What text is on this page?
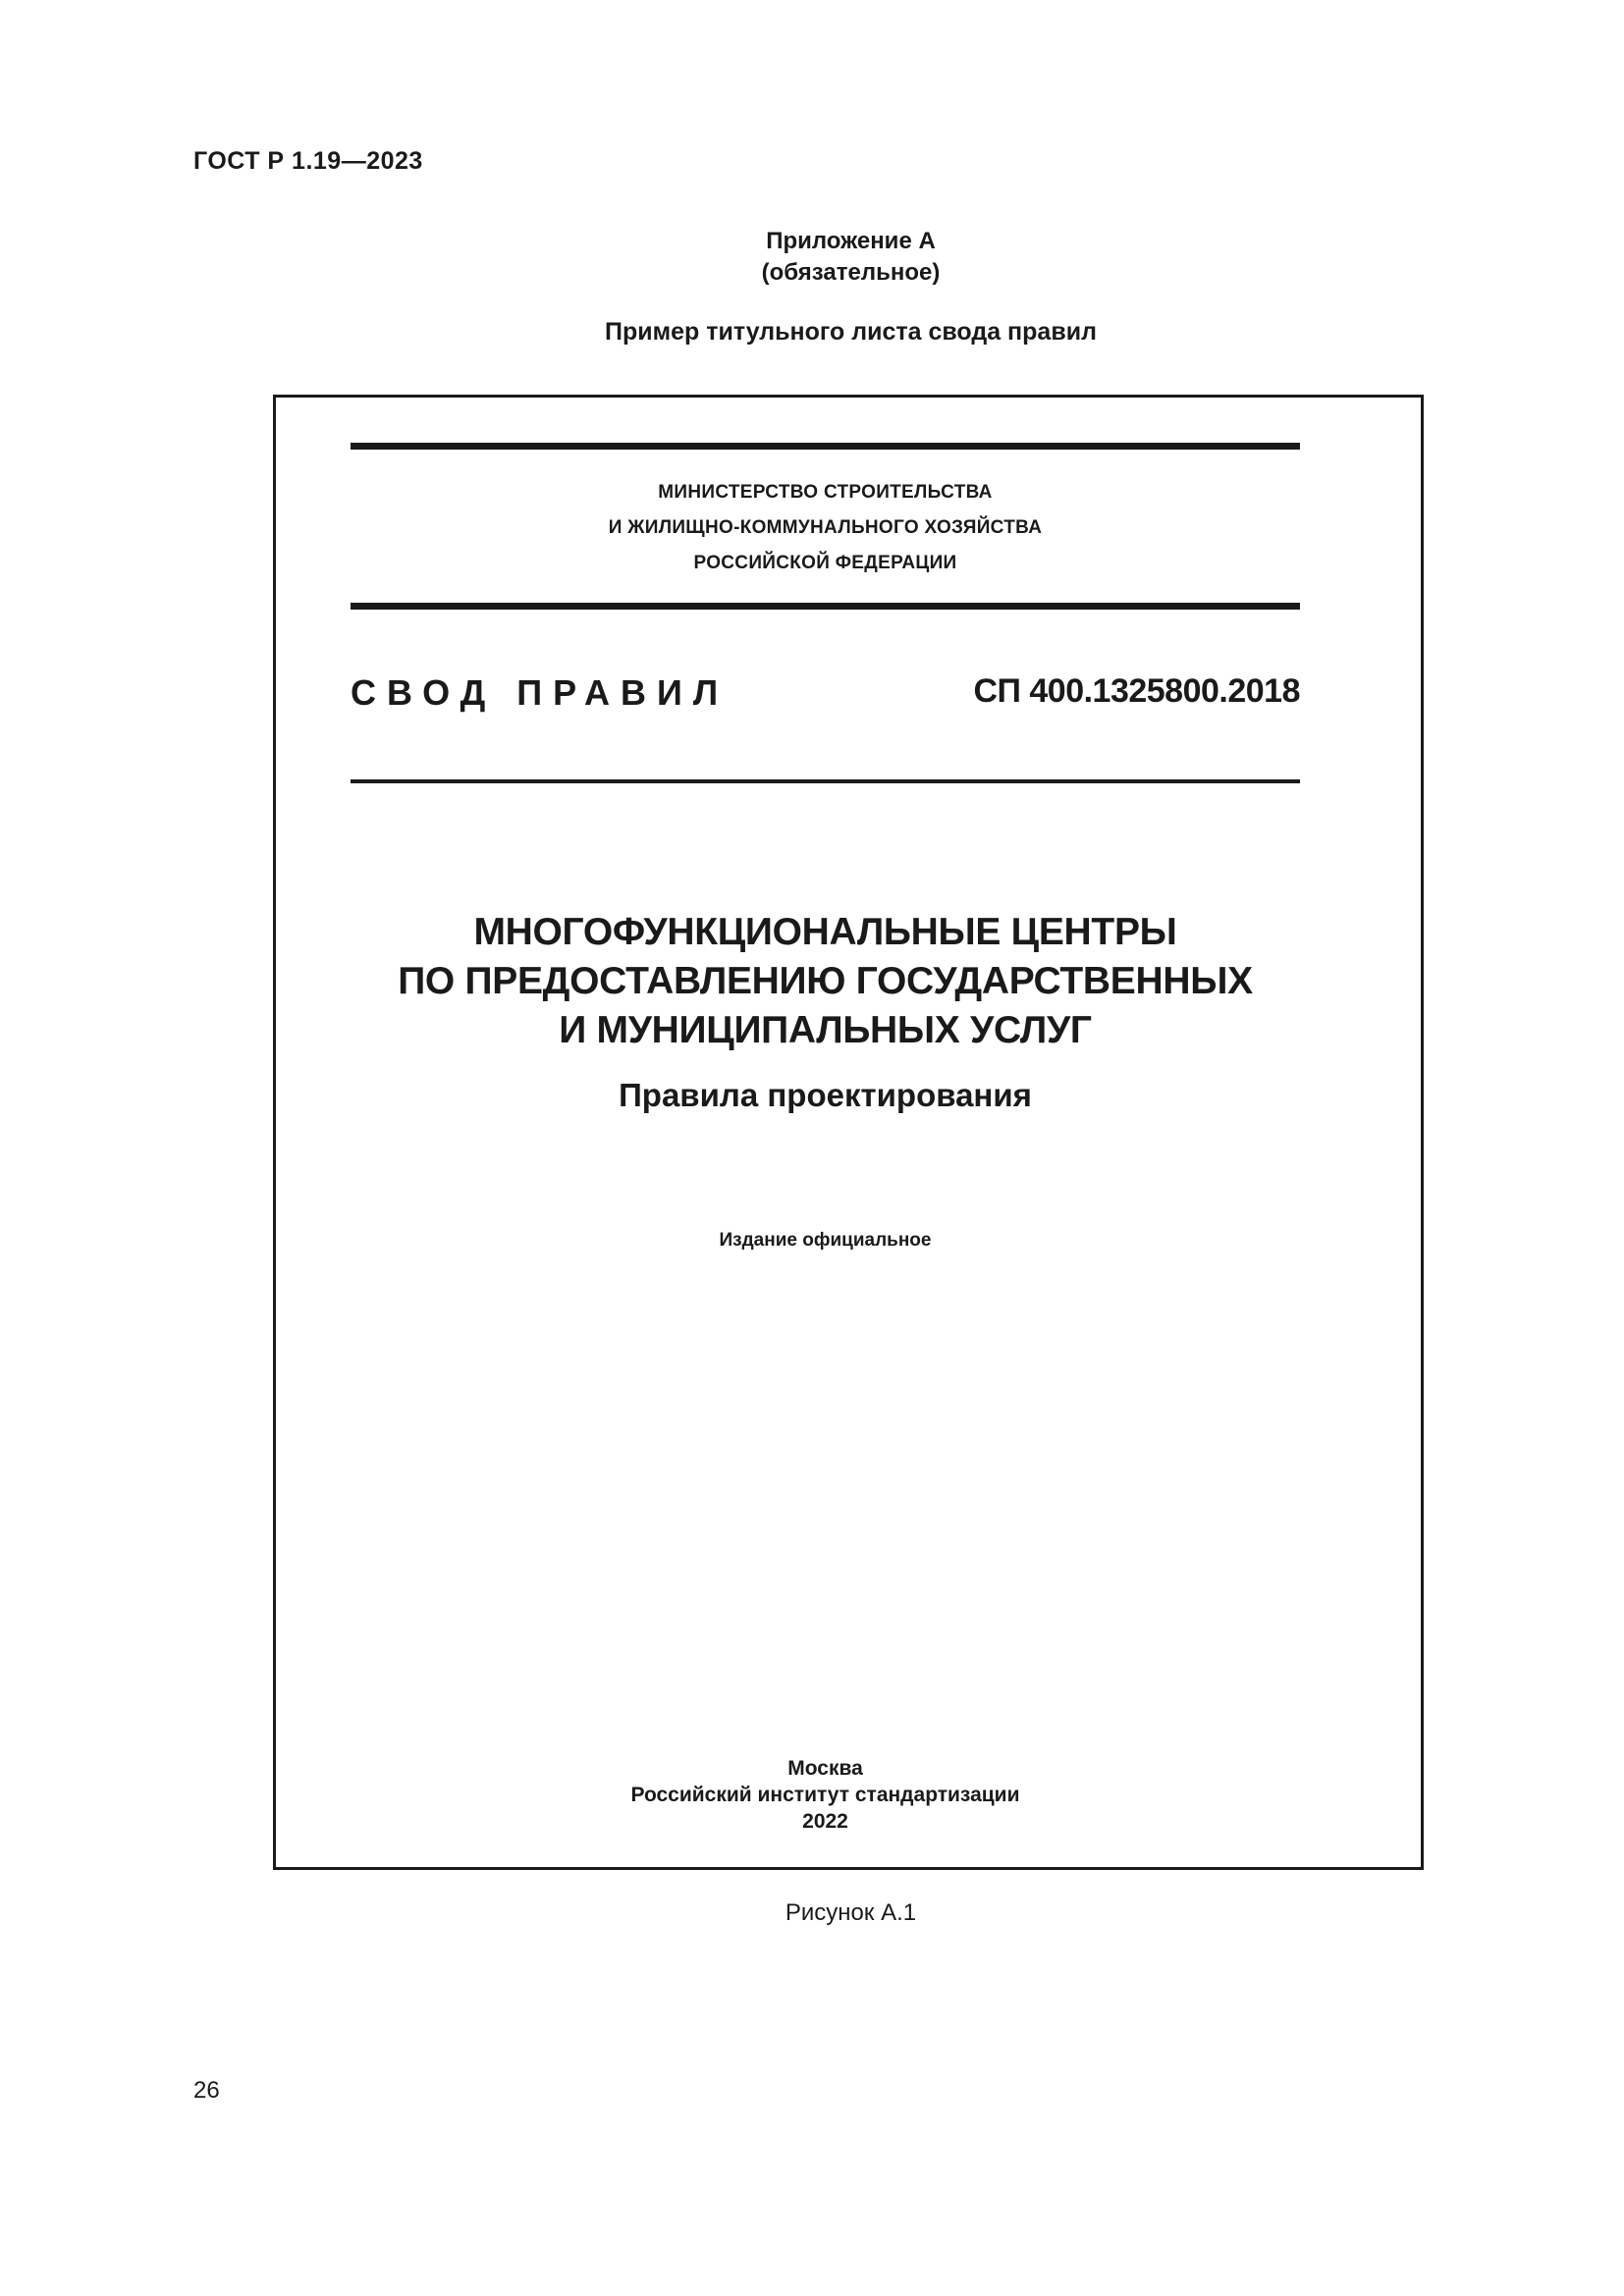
ГОСТ Р 1.19—2023
Приложение А
(обязательное)
Пример титульного листа свода правил
МИНИСТЕРСТВО СТРОИТЕЛЬСТВА
И ЖИЛИЩНО-КОММУНАЛЬНОГО ХОЗЯЙСТВА
РОССИЙСКОЙ ФЕДЕРАЦИИ
СВОД ПРАВИЛ	СП 400.1325800.2018
МНОГОФУНКЦИОНАЛЬНЫЕ ЦЕНТРЫ
ПО ПРЕДОСТАВЛЕНИЮ ГОСУДАРСТВЕННЫХ
И МУНИЦИПАЛЬНЫХ УСЛУГ
Правила проектирования
Издание официальное
Москва
Российский институт стандартизации
2022
Рисунок А.1
26
